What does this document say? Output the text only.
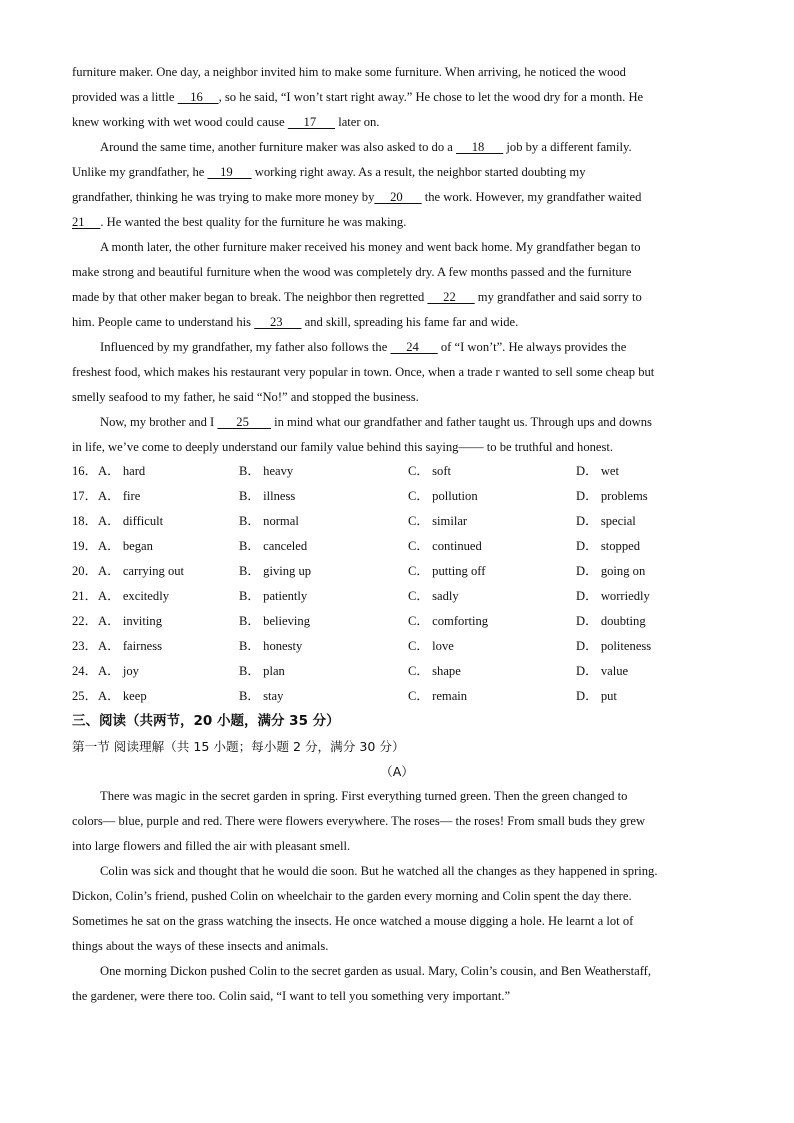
furniture maker. One day, a neighbor invited him to make some furniture. When arriving, he noticed the wood
provided was a little     16     , so he said, “I won’t start right away.” He chose to let the wood dry for a month. He
knew working with wet wood could cause      17       later on.
Around the same time, another furniture maker was also asked to do a      18       job by a different family.
Unlike my grandfather, he     19       working right away. As a result, the neighbor started doubting my
grandfather, thinking he was trying to make more money by     20       the work. However, my grandfather waited
21     . He wanted the best quality for the furniture he was making.
A month later, the other furniture maker received his money and went back home. My grandfather began to
make strong and beautiful furniture when the wood was completely dry. A few months passed and the furniture
made by that other maker began to break. The neighbor then regretted      22       my grandfather and said sorry to
him. People came to understand his      23       and skill, spreading his fame far and wide.
Influenced by my grandfather, my father also follows the      24       of “I won’t”. He always provides the
freshest food, which makes his restaurant very popular in town. Once, when a trade r wanted to sell some cheap but
smelly seafood to my father, he said “No!” and stopped the business.
Now, my brother and I       25        in mind what our grandfather and father taught us. Through ups and downs
in life, we’ve come to deeply understand our family value behind this saying—— to be truthful and honest.
16． A． hard	B． heavy	C． soft	D． wet
17． A． fire	B． illness	C． pollution	D． problems
18． A． difficult	B． normal	C． similar	D． special
19． A． began	B． canceled	C． continued	D． stopped
20． A． carrying out	B． giving up	C． putting off	D． going on
21． A． excitedly	B． patiently	C． sadly	D． worriedly
22． A． inviting	B． believing	C． comforting	D． doubting
23． A． fairness	B． honesty	C． love	D． politeness
24． A． joy	B． plan	C． shape	D． value
25． A． keep	B． stay	C． remain	D． put
三、阅读（共两节，20 小题，满分 35 分）
第一节 阅读理解（共 15 小题；每小题 2 分，满分 30 分）
（A）
There was magic in the secret garden in spring. First everything turned green. Then the green changed to
colors— blue, purple and red. There were flowers everywhere. The roses— the roses! From small buds they grew
into large flowers and filled the air with pleasant smell.
Colin was sick and thought that he would die soon. But he watched all the changes as they happened in spring.
Dickon, Colin’s friend, pushed Colin on wheelchair to the garden every morning and Colin spent the day there.
Sometimes he sat on the grass watching the insects. He once watched a mouse digging a hole. He learnt a lot of
things about the ways of these insects and animals.
One morning Dickon pushed Colin to the secret garden as usual. Mary, Colin’s cousin, and Ben Weatherstaff,
the gardener, were there too. Colin said, “I want to tell you something very important.”
